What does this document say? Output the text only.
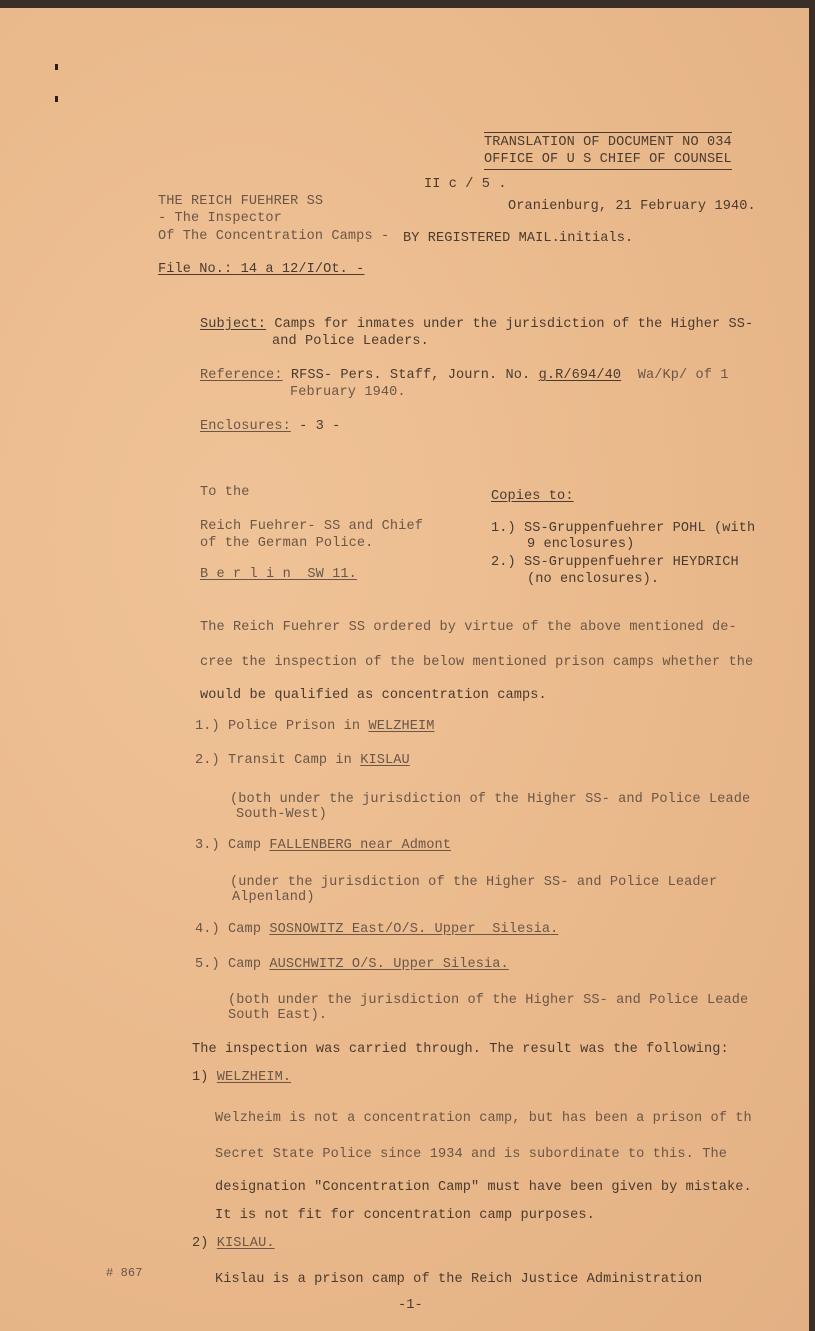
TRANSLATION OF DOCUMENT NO 034
OFFICE OF U S CHIEF OF COUNSEL
II c / 5 .
THE REICH FUEHRER SS	Oranienburg, 21 February 1940.
- The Inspector
Of The Concentration Camps - BY REGISTERED MAIL. initials.
File No.: 14 a 12/I/Ot. -
Subject: Camps for inmates under the jurisdiction of the Higher SS-
and Police Leaders.
Reference: RFSS- Pers. Staff, Journ. No. g.R/694/40 Wa/Kp/ of 1
February 1940.
Enclosures: - 3 -
To the	Copies to:
Reich Fuehrer- SS and Chief	1.) SS-Gruppenfuehrer POHL (with
of the German Police.	9 enclosures)
2.) SS-Gruppenfuehrer HEYDRICH
B e r l i n  SW 11.	(no enclosures).
The Reich Fuehrer SS ordered by virtue of the above mentioned de-
cree the inspection of the below mentioned prison camps whether the
would be qualified as concentration camps.
1.) Police Prison in WELZHEIM
2.) Transit Camp in KISLAU
(both under the jurisdiction of the Higher SS- and Police Leade
South-West)
3.) Camp FALLENBERG near Admont
(under the jurisdiction of the Higher SS- and Police Leader
Alpenland)
4.) Camp SOSNOWITZ East/O/S. Upper  Silesia.
5.) Camp AUSCHWITZ O/S. Upper Silesia.
(both under the jurisdiction of the Higher SS- and Police Leade
South East).
The inspection was carried through. The result was the following:
1) WELZHEIM.
Welzheim is not a concentration camp, but has been a prison of th
Secret State Police since 1934 and is subordinate to this. The
designation "Concentration Camp" must have been given by mistake.
It is not fit for concentration camp purposes.
2) KISLAU.
# 867	Kislau is a prison camp of the Reich Justice Administration
-1-
